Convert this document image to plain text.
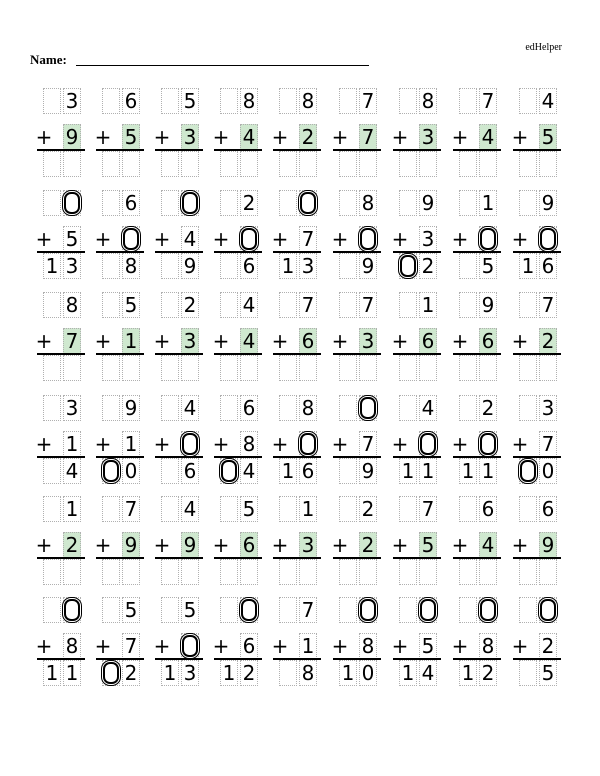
edHelper
Name:
3
+ 9
6
+ 5
5
+ 3
8
+ 4
8
+ 2
7
+ 7
8
+ 3
7
+ 4
4
+ 5
+ 5
1 3
6
+
8
+ 4
9
2
+
6
+ 7
1 3
8
+
9
9
+ 3
2
1
+
5
9
+
1 6
8
+ 7
5
+ 1
2
+ 3
4
+ 4
7
+ 6
7
+ 3
1
+ 6
9
+ 6
7
+ 2
3
+ 1
4
9
+ 1
0
4
+
6
6
+ 8
4
8
+
1 6
+ 7
9
4
+
1 1
2
+
1 1
3
+ 7
0
1
+ 2
7
+ 9
4
+ 9
5
+ 6
1
+ 3
2
+ 2
7
+ 5
6
+ 4
6
+ 9
+ 8
1 1
5
+ 7
2
5
+
1 3
+ 6
1 2
7
+ 1
8
+ 8
1 0
+ 5
1 4
+ 8
1 2
+ 2
5
